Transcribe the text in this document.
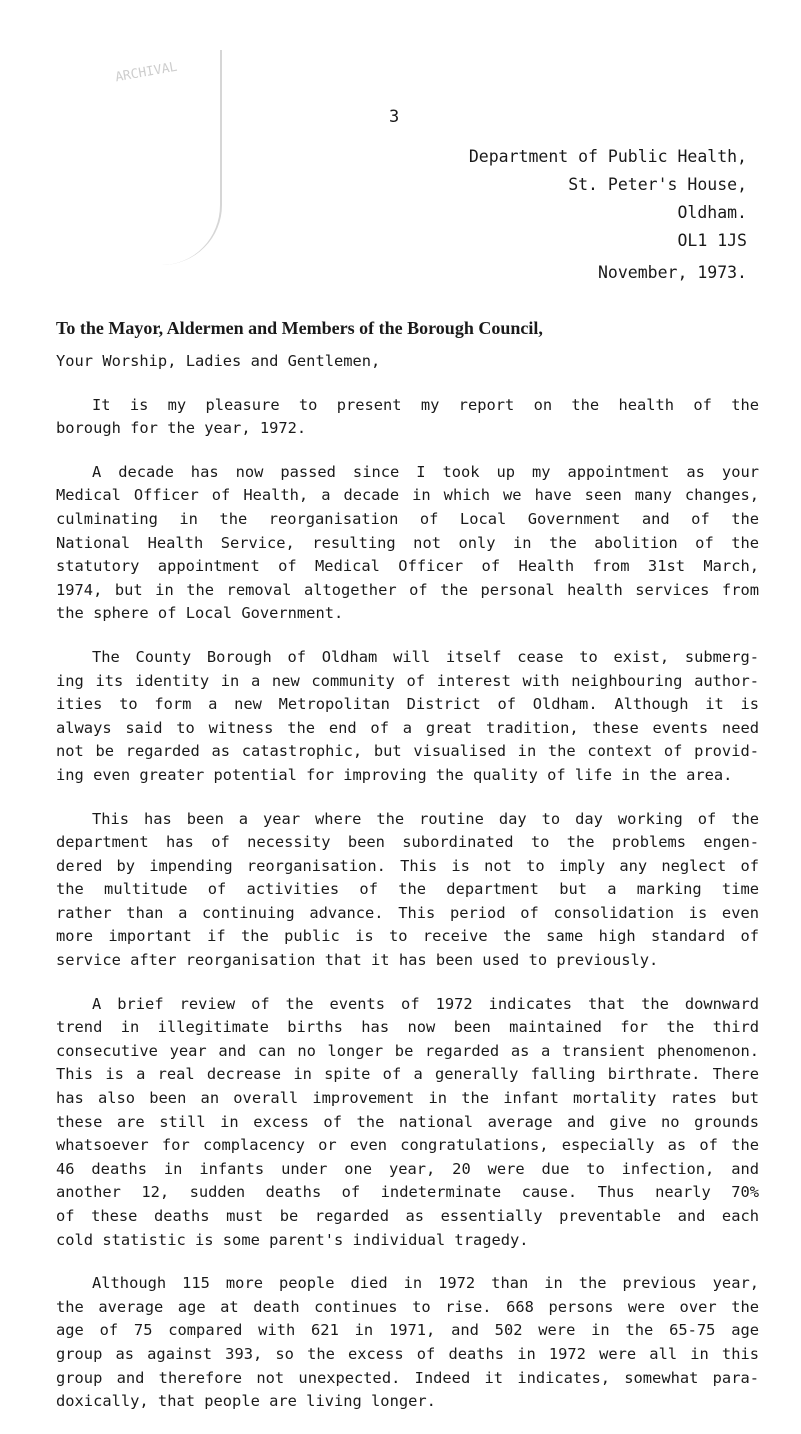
ARCHIVAL
3
Department of Public Health,
St. Peter's House,
Oldham.
OL1 1JS
November, 1973.
To the Mayor, Aldermen and Members of the Borough Council,
Your Worship, Ladies and Gentlemen,
It is my pleasure to present my report on the health of the
borough for the year, 1972.
A decade has now passed since I took up my appointment as your
Medical Officer of Health, a decade in which we have seen many changes,
culminating in the reorganisation of Local Government and of the
National Health Service, resulting not only in the abolition of the
statutory appointment of Medical Officer of Health from 31st March,
1974, but in the removal altogether of the personal health services from
the sphere of Local Government.
The County Borough of Oldham will itself cease to exist, submerg-
ing its identity in a new community of interest with neighbouring author-
ities to form a new Metropolitan District of Oldham. Although it is
always said to witness the end of a great tradition, these events need
not be regarded as catastrophic, but visualised in the context of provid-
ing even greater potential for improving the quality of life in the area.
This has been a year where the routine day to day working of the
department has of necessity been subordinated to the problems engen-
dered by impending reorganisation. This is not to imply any neglect of
the multitude of activities of the department but a marking time
rather than a continuing advance. This period of consolidation is even
more important if the public is to receive the same high standard of
service after reorganisation that it has been used to previously.
A brief review of the events of 1972 indicates that the downward
trend in illegitimate births has now been maintained for the third
consecutive year and can no longer be regarded as a transient phenomenon.
This is a real decrease in spite of a generally falling birthrate. There
has also been an overall improvement in the infant mortality rates but
these are still in excess of the national average and give no grounds
whatsoever for complacency or even congratulations, especially as of the
46 deaths in infants under one year, 20 were due to infection, and
another 12, sudden deaths of indeterminate cause. Thus nearly 70%
of these deaths must be regarded as essentially preventable and each
cold statistic is some parent's individual tragedy.
Although 115 more people died in 1972 than in the previous year,
the average age at death continues to rise. 668 persons were over the
age of 75 compared with 621 in 1971, and 502 were in the 65-75 age
group as against 393, so the excess of deaths in 1972 were all in this
group and therefore not unexpected. Indeed it indicates, somewhat para-
doxically, that people are living longer.
